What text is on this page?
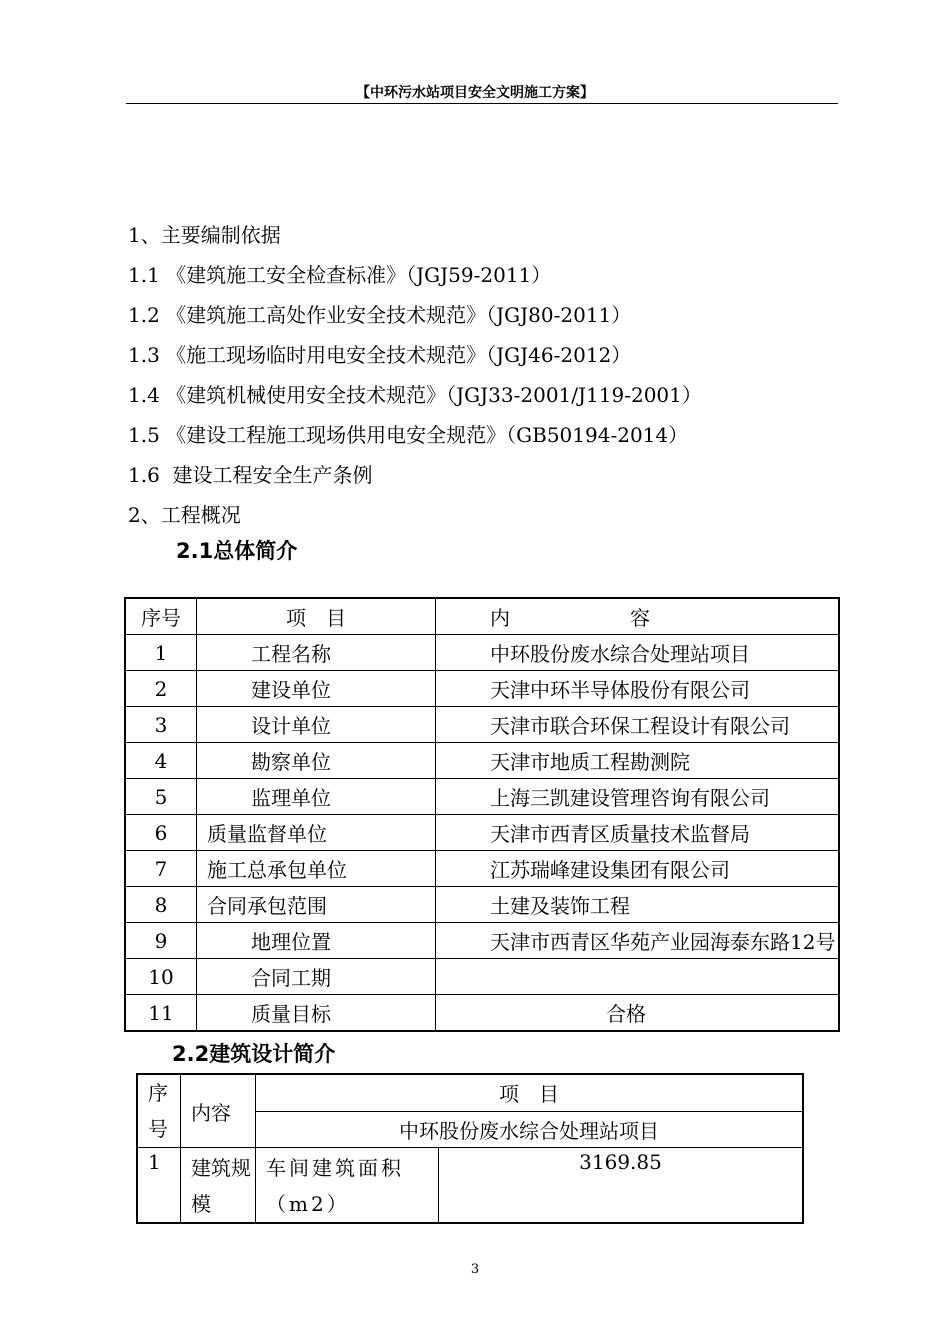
【中环污水站项目安全文明施工方案】
1、主要编制依据
1.1 《建筑施工安全检查标准》（JGJ59-2011）
1.2 《建筑施工高处作业安全技术规范》（JGJ80-2011）
1.3 《施工现场临时用电安全技术规范》（JGJ46-2012）
1.4 《建筑机械使用安全技术规范》（JGJ33-2001/J119-2001）
1.5 《建设工程施工现场供用电安全规范》（GB50194-2014）
1.6  建设工程安全生产条例
2、工程概况
2.1总体简介
序号	项　目	内　　　　　　容
1	工程名称	中环股份废水综合处理站项目
2	建设单位	天津中环半导体股份有限公司
3	设计单位	天津市联合环保工程设计有限公司
4	勘察单位	天津市地质工程勘测院
5	监理单位	上海三凯建设管理咨询有限公司
6	质量监督单位	天津市西青区质量技术监督局
7	施工总承包单位	江苏瑞峰建设集团有限公司
8	合同承包范围	土建及装饰工程
9	地理位置	天津市西青区华苑产业园海泰东路12号
10	合同工期	
11	质量目标	合格
2.2建筑设计简介
序号	内容	项　目	
		中环股份废水综合处理站项目	
1	建筑规模	车间建筑面积（m2）	3169.85
3
